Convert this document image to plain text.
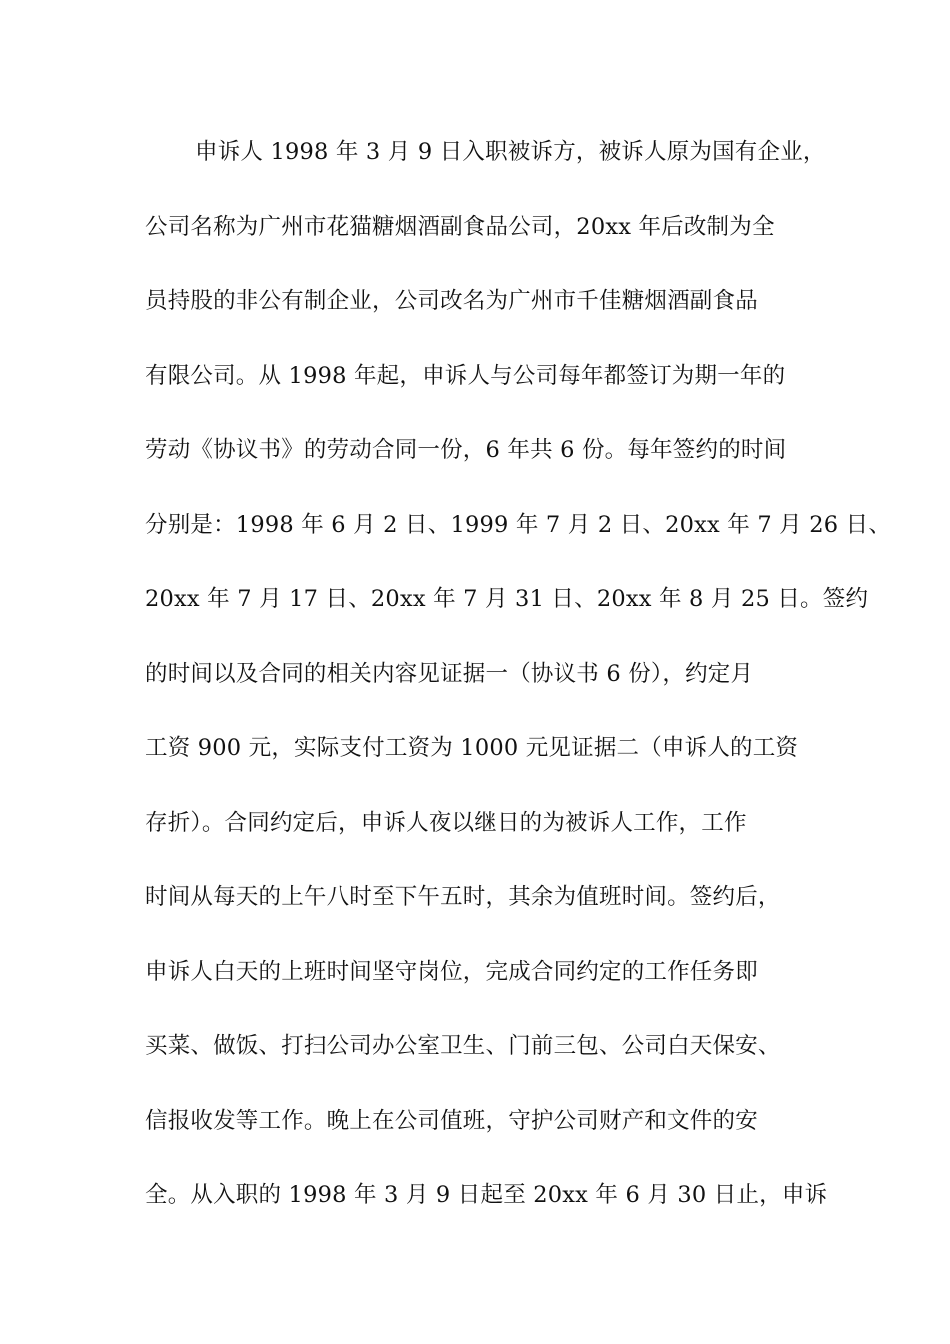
申诉人 1998 年 3 月 9 日入职被诉方，被诉人原为国有企业，
公司名称为广州市花猫糖烟酒副食品公司，20xx 年后改制为全
员持股的非公有制企业，公司改名为广州市千佳糖烟酒副食品
有限公司。从 1998 年起，申诉人与公司每年都签订为期一年的
劳动《协议书》的劳动合同一份，6 年共 6 份。每年签约的时间
分别是：1998 年 6 月 2 日、1999 年 7 月 2 日、20xx 年 7 月 26 日、
20xx 年 7 月 17 日、20xx 年 7 月 31 日、20xx 年 8 月 25 日。签约
的时间以及合同的相关内容见证据一（协议书 6 份），约定月
工资 900 元，实际支付工资为 1000 元见证据二（申诉人的工资
存折）。合同约定后，申诉人夜以继日的为被诉人工作，工作
时间从每天的上午八时至下午五时，其余为值班时间。签约后，
申诉人白天的上班时间坚守岗位，完成合同约定的工作任务即
买菜、做饭、打扫公司办公室卫生、门前三包、公司白天保安、
信报收发等工作。晚上在公司值班，守护公司财产和文件的安
全。从入职的 1998 年 3 月 9 日起至 20xx 年 6 月 30 日止，申诉
